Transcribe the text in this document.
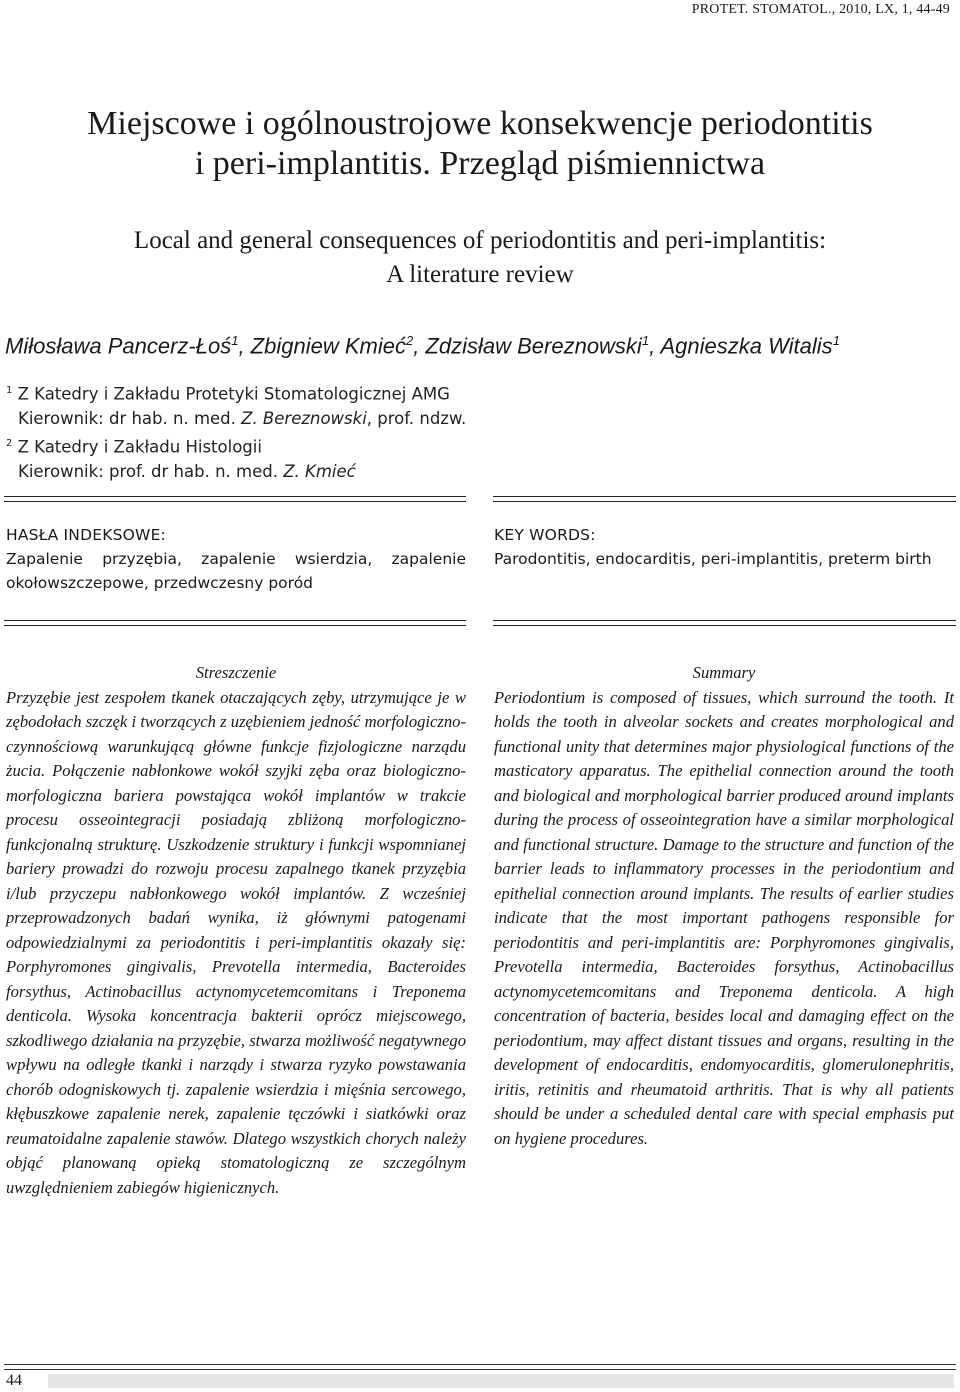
PROTET. STOMATOL., 2010, LX, 1, 44-49
Miejscowe i ogólnoustrojowe konsekwencje periodontitis
i peri-implantitis. Przegląd piśmiennictwa
Local and general consequences of periodontitis and peri-implantitis:
A literature review
Miłosława Pancerz-Łoś$^1$, Zbigniew Kmieć$^2$, Zdzisław Bereznowski$^1$, Agnieszka Witalis$^1$
$^1$ Z Katedry i Zakładu Protetyki Stomatologicznej AMG
Kierownik: dr hab. n. med. Z. Bereznowski, prof. ndzw.
$^2$ Z Katedry i Zakładu Histologii
Kierownik: prof. dr hab. n. med. Z. Kmieć
HASŁA INDEKSOWE:
Zapalenie przyzębia, zapalenie wsierdzia, zapalenie okołowszczepowe, przedwczesny poród
KEY WORDS:
Parodontitis, endocarditis, peri-implantitis, preterm birth
Streszczenie

Przyzębie jest zespołem tkanek otaczających zęby, utrzymujące je w zębodołach szczęk i tworzących z uzębieniem jedność morfologiczno-czynnościową warunkującą główne funkcje fizjologiczne narządu żucia. Połączenie nabłonkowe wokół szyjki zęba oraz biologiczno-morfologiczna bariera powstająca wokół implantów w trakcie procesu osseointegracji posiadają zbliżoną morfologiczno-funkcjonalną strukturę. Uszkodzenie struktury i funkcji wspomnianej bariery prowadzi do rozwoju procesu zapalnego tkanek przyzębia i/lub przyczepu nabłonkowego wokół implantów. Z wcześniej przeprowadzonych badań wynika, iż głównymi patogenami odpowiedzialnymi za periodontitis i peri-implantitis okazały się: Porphyromones gingivalis, Prevotella intermedia, Bacteroides forsythus, Actinobacillus actynomycetemcomitans i Treponema denticola. Wysoka koncentracja bakterii oprócz miejscowego, szkodliwego działania na przyzębie, stwarza możliwość negatywnego wpływu na odległe tkanki i narządy i stwarza ryzyko powstawania chorób odogniskowych tj. zapalenie wsierdzia i mięśnia sercowego, kłębuszkowe zapalenie nerek, zapalenie tęczówki i siatkówki oraz reumatoidalne zapalenie stawów. Dlatego wszystkich chorych należy objąć planowaną opieką stomatologiczną ze szczególnym uwzględnieniem zabiegów higienicznych.

Summary

Periodontium is composed of tissues, which surround the tooth. It holds the tooth in alveolar sockets and creates morphological and functional unity that determines major physiological functions of the masticatory apparatus. The epithelial connection around the tooth and biological and morphological barrier produced around implants during the process of osseointegration have a similar morphological and functional structure. Damage to the structure and function of the barrier leads to inflammatory processes in the periodontium and epithelial connection around implants. The results of earlier studies indicate that the most important pathogens responsible for periodontitis and peri-implantitis are: Porphyromones gingivalis, Prevotella intermedia, Bacteroides forsythus, Actinobacillus actynomycetemcomitans and Treponema denticola. A high concentration of bacteria, besides local and damaging effect on the periodontium, may affect distant tissues and organs, resulting in the development of endocarditis, endomyocarditis, glomerulonephritis, iritis, retinitis and rheumatoid arthritis. That is why all patients should be under a scheduled dental care with special emphasis put on hygiene procedures.

44
